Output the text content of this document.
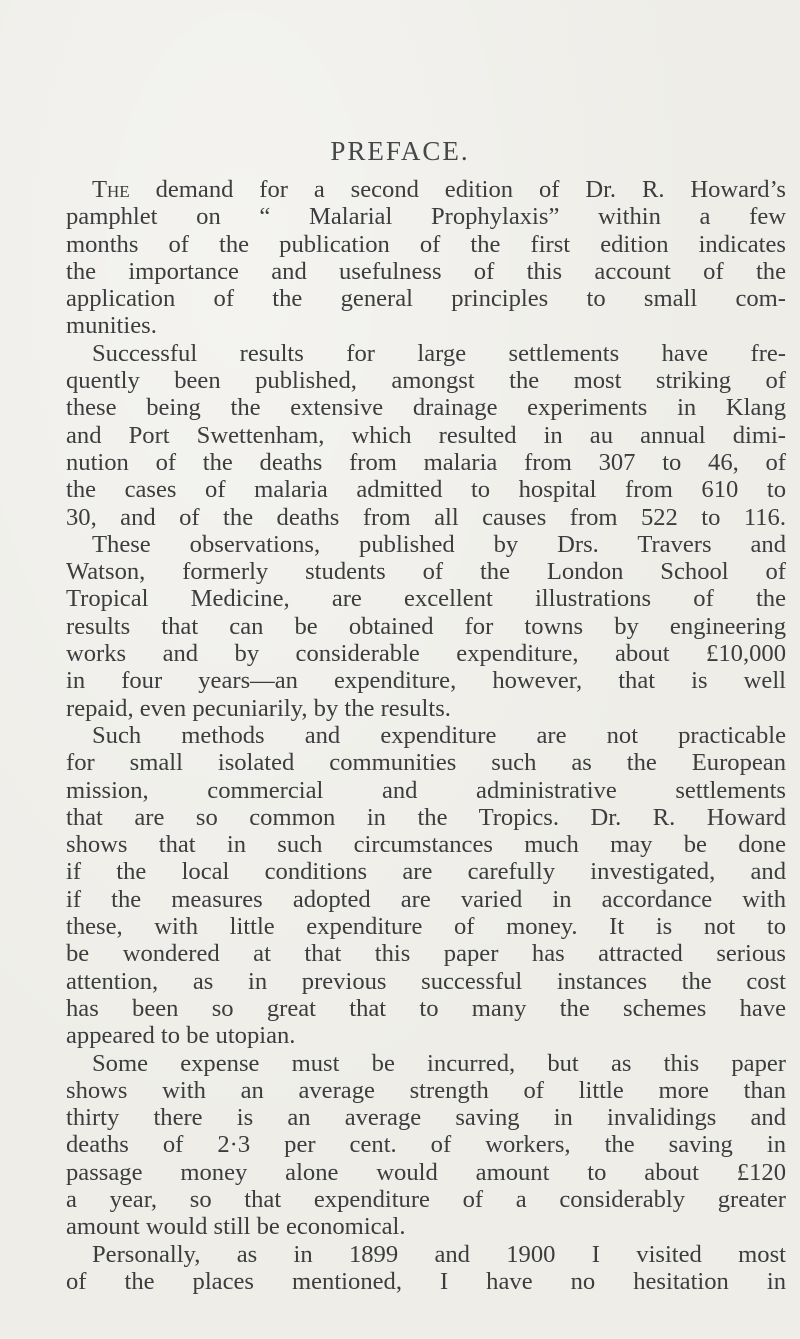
PREFACE.
The demand for a second edition of Dr. R. Howard’s
pamphlet on “ Malarial Prophylaxis” within a few
months of the publication of the first edition indicates
the importance and usefulness of this account of the
application of the general principles to small com-
munities.
Successful results for large settlements have fre-
quently been published, amongst the most striking of
these being the extensive drainage experiments in Klang
and Port Swettenham, which resulted in au annual dimi-
nution of the deaths from malaria from 307 to 46, of
the cases of malaria admitted to hospital from 610 to
30, and of the deaths from all causes from 522 to 116.
These observations, published by Drs. Travers and
Watson, formerly students of the London School of
Tropical Medicine, are excellent illustrations of the
results that can be obtained for towns by engineering
works and by considerable expenditure, about £10,000
in four years—an expenditure, however, that is well
repaid, even pecuniarily, by the results.
Such methods and expenditure are not practicable
for small isolated communities such as the European
mission, commercial and administrative settlements
that are so common in the Tropics. Dr. R. Howard
shows that in such circumstances much may be done
if the local conditions are carefully investigated, and
if the measures adopted are varied in accordance with
these, with little expenditure of money. It is not to
be wondered at that this paper has attracted serious
attention, as in previous successful instances the cost
has been so great that to many the schemes have
appeared to be utopian.
Some expense must be incurred, but as this paper
shows with an average strength of little more than
thirty there is an average saving in invalidings and
deaths of 2·3 per cent. of workers, the saving in
passage money alone would amount to about £120
a year, so that expenditure of a considerably greater
amount would still be economical.
Personally, as in 1899 and 1900 I visited most
of the places mentioned, I have no hesitation in
